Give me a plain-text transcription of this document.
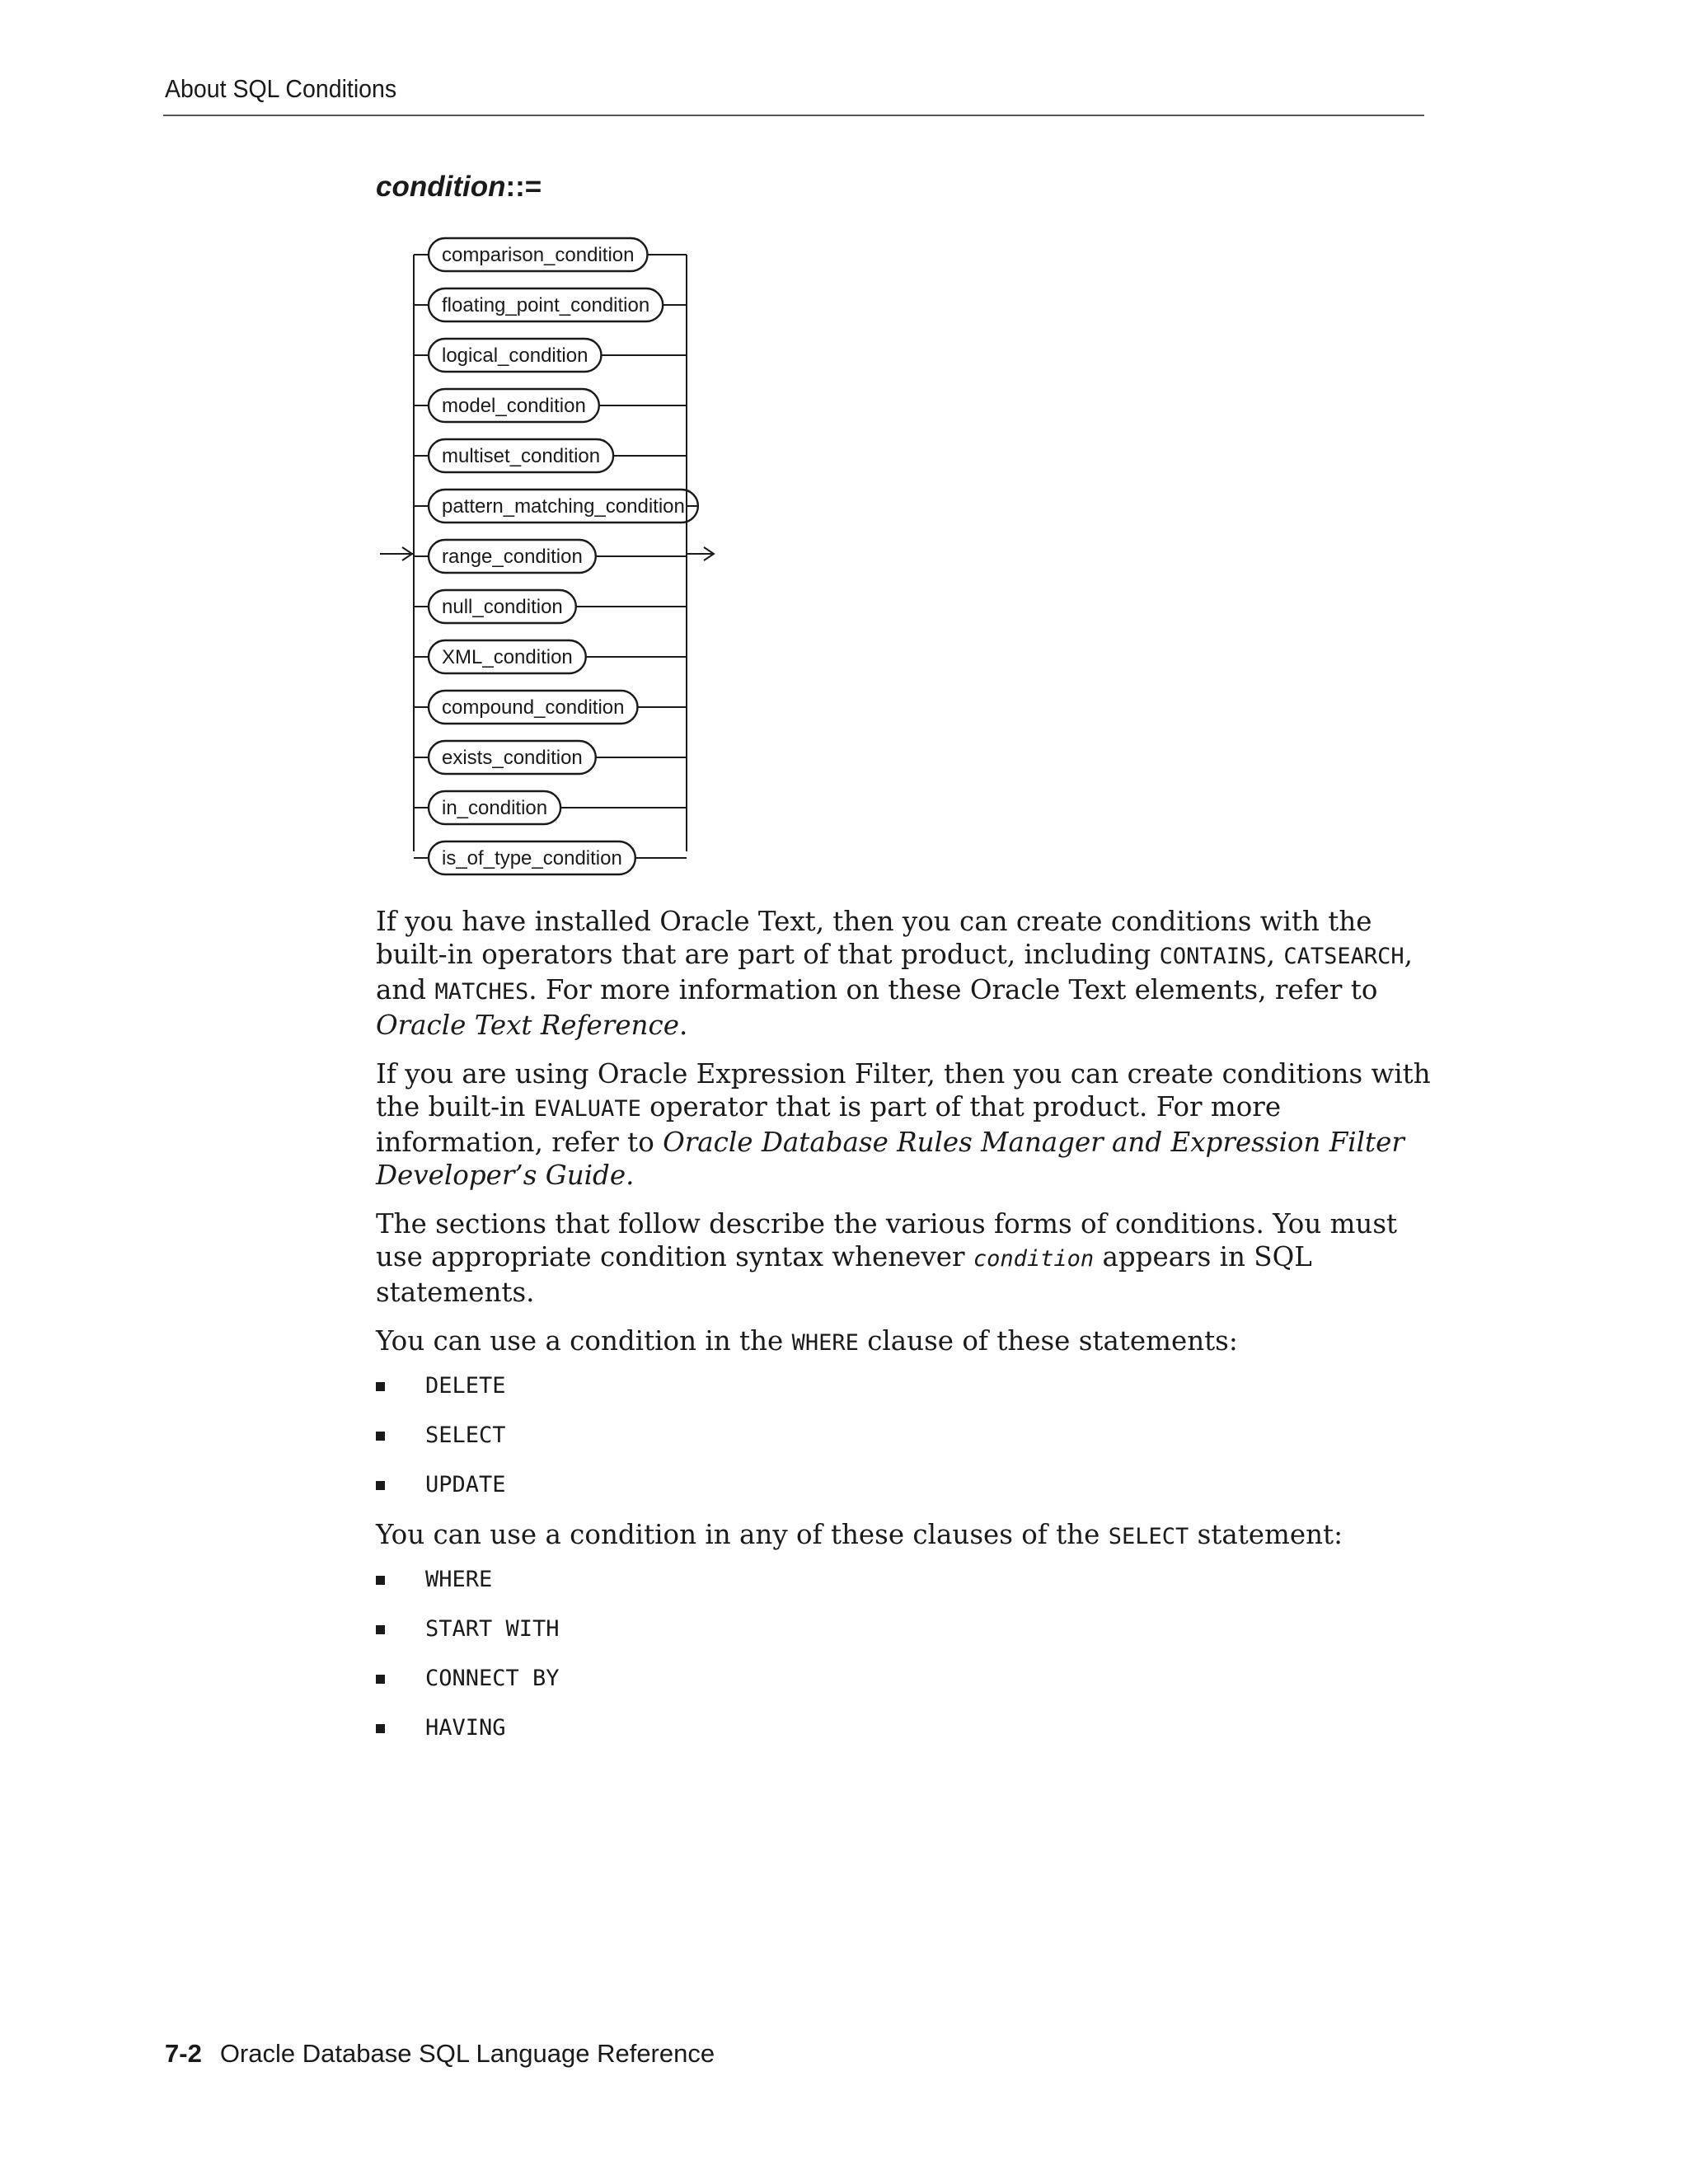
About SQL Conditions
condition::=
comparison_condition
floating_point_condition
logical_condition
model_condition
multiset_condition
pattern_matching_condition
range_condition
null_condition
XML_condition
compound_condition
exists_condition
in_condition
is_of_type_condition

If you have installed Oracle Text, then you can create conditions with the built-in operators that are part of that product, including CONTAINS, CATSEARCH, and MATCHES. For more information on these Oracle Text elements, refer to Oracle Text Reference.

If you are using Oracle Expression Filter, then you can create conditions with the built-in EVALUATE operator that is part of that product. For more information, refer to Oracle Database Rules Manager and Expression Filter Developer’s Guide.

The sections that follow describe the various forms of conditions. You must use appropriate condition syntax whenever condition appears in SQL statements.

You can use a condition in the WHERE clause of these statements:

DELETE
SELECT
UPDATE

You can use a condition in any of these clauses of the SELECT statement:

WHERE
START WITH
CONNECT BY
HAVING
7-2 Oracle Database SQL Language Reference
